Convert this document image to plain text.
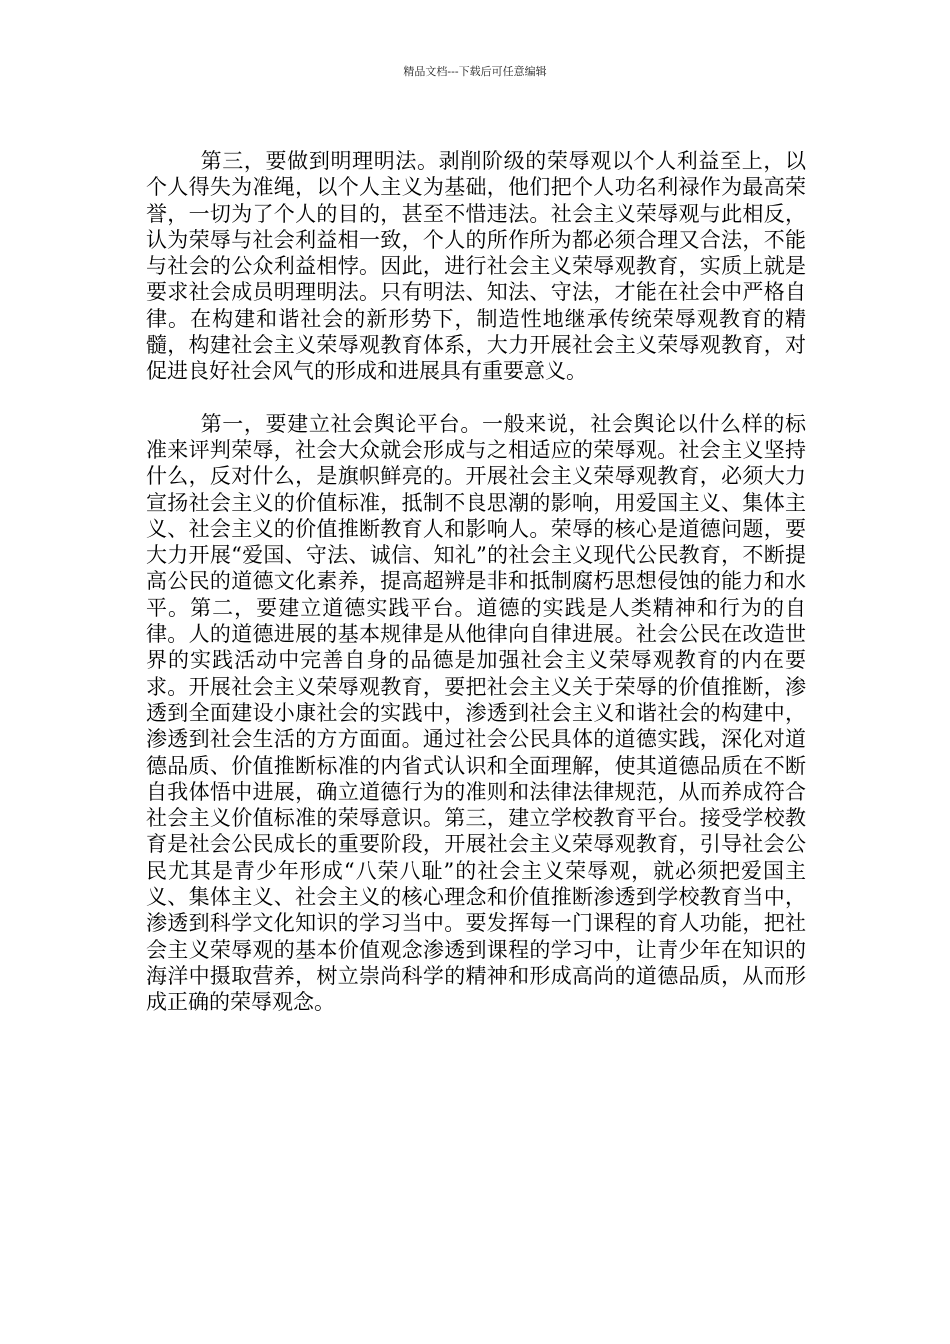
精品文档---下载后可任意编辑

第三，要做到明理明法。剥削阶级的荣辱观以个人利益至上，以个人得失为准绳，以个人主义为基础，他们把个人功名利禄作为最高荣誉，一切为了个人的目的，甚至不惜违法。社会主义荣辱观与此相反，认为荣辱与社会利益相一致，个人的所作所为都必须合理又合法，不能与社会的公众利益相悖。因此，进行社会主义荣辱观教育，实质上就是要求社会成员明理明法。只有明法、知法、守法，才能在社会中严格自律。在构建和谐社会的新形势下，制造性地继承传统荣辱观教育的精髓，构建社会主义荣辱观教育体系，大力开展社会主义荣辱观教育，对促进良好社会风气的形成和进展具有重要意义。

第一，要建立社会舆论平台。一般来说，社会舆论以什么样的标准来评判荣辱，社会大众就会形成与之相适应的荣辱观。社会主义坚持什么，反对什么，是旗帜鲜亮的。开展社会主义荣辱观教育，必须大力宣扬社会主义的价值标准，抵制不良思潮的影响，用爱国主义、集体主义、社会主义的价值推断教育人和影响人。荣辱的核心是道德问题，要大力开展“爱国、守法、诚信、知礼”的社会主义现代公民教育，不断提高公民的道德文化素养，提高超辨是非和抵制腐朽思想侵蚀的能力和水平。第二，要建立道德实践平台。道德的实践是人类精神和行为的自律。人的道德进展的基本规律是从他律向自律进展。社会公民在改造世界的实践活动中完善自身的品德是加强社会主义荣辱观教育的内在要求。开展社会主义荣辱观教育，要把社会主义关于荣辱的价值推断，渗透到全面建设小康社会的实践中，渗透到社会主义和谐社会的构建中，渗透到社会生活的方方面面。通过社会公民具体的道德实践，深化对道德品质、价值推断标准的内省式认识和全面理解，使其道德品质在不断自我体悟中进展，确立道德行为的准则和法律法律规范，从而养成符合社会主义价值标准的荣辱意识。第三，建立学校教育平台。接受学校教育是社会公民成长的重要阶段，开展社会主义荣辱观教育，引导社会公民尤其是青少年形成“八荣八耻”的社会主义荣辱观，就必须把爱国主义、集体主义、社会主义的核心理念和价值推断渗透到学校教育当中，渗透到科学文化知识的学习当中。要发挥每一门课程的育人功能，把社会主义荣辱观的基本价值观念渗透到课程的学习中，让青少年在知识的海洋中摄取营养，树立崇尚科学的精神和形成高尚的道德品质，从而形成正确的荣辱观念。
